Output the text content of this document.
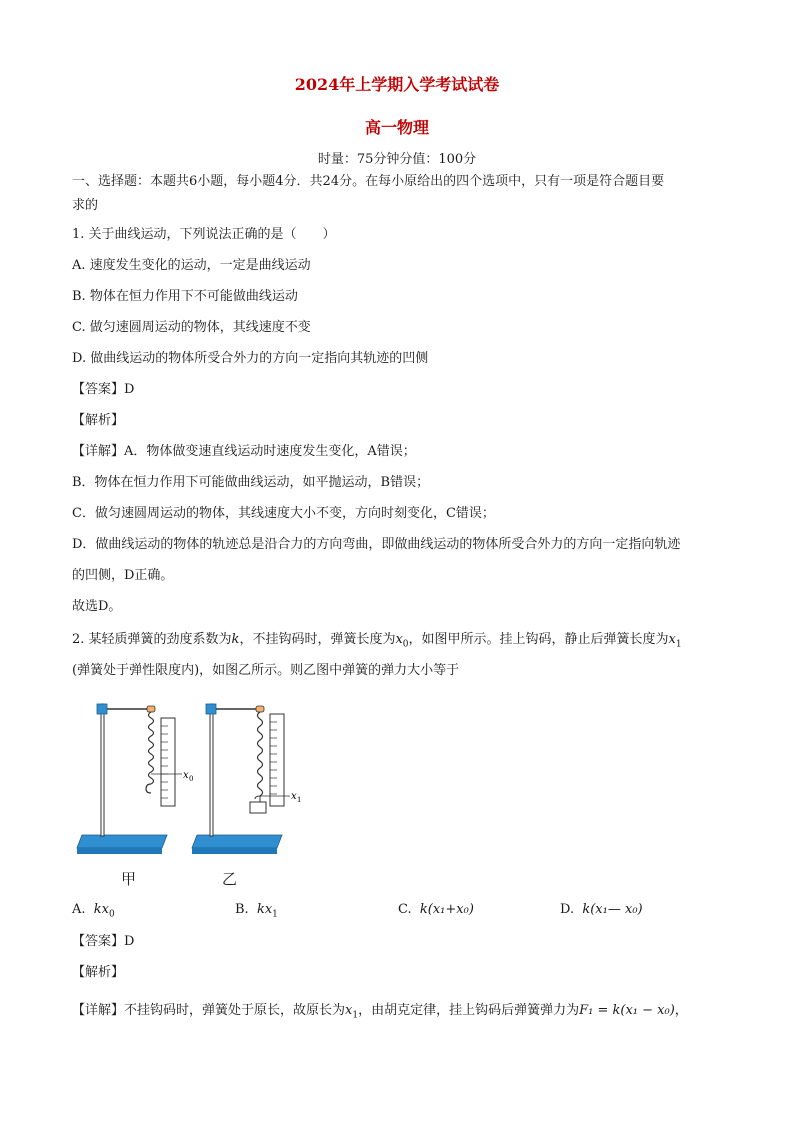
2024年上学期入学考试试卷
高一物理
时量：75分钟分值：100分
一、选择题：本题共6小题，每小题4分．共24分。在每小原给出的四个选项中，只有一项是符合题目要
求的
1. 关于曲线运动，下列说法正确的是（　　）
A. 速度发生变化的运动，一定是曲线运动
B. 物体在恒力作用下不可能做曲线运动
C. 做匀速圆周运动的物体，其线速度不变
D. 做曲线运动的物体所受合外力的方向一定指向其轨迹的凹侧
【答案】D
【解析】
【详解】A．物体做变速直线运动时速度发生变化，A错误；
B．物体在恒力作用下可能做曲线运动，如平抛运动，B错误；
C．做匀速圆周运动的物体，其线速度大小不变，方向时刻变化，C错误；
D．做曲线运动的物体的轨迹总是沿合力的方向弯曲，即做曲线运动的物体所受合外力的方向一定指向轨迹
的凹侧，D正确。
故选D。
2. 某轻质弹簧的劲度系数为k，不挂钩码时，弹簧长度为$x_0$，如图甲所示。挂上钩码，静止后弹簧长度为$x_1$
(弹簧处于弹性限度内)，如图乙所示。则乙图中弹簧的弹力大小等于
x 0
x 1
甲	乙
A. $kx_0$	B. $kx_1$	C. k(x₁+x₀)	D. k(x₁— x₀)
【答案】D
【解析】
【详解】不挂钩码时，弹簧处于原长，故原长为$x_1$，由胡克定律，挂上钩码后弹簧弹力为F₁ = k(x₁ − x₀)，
